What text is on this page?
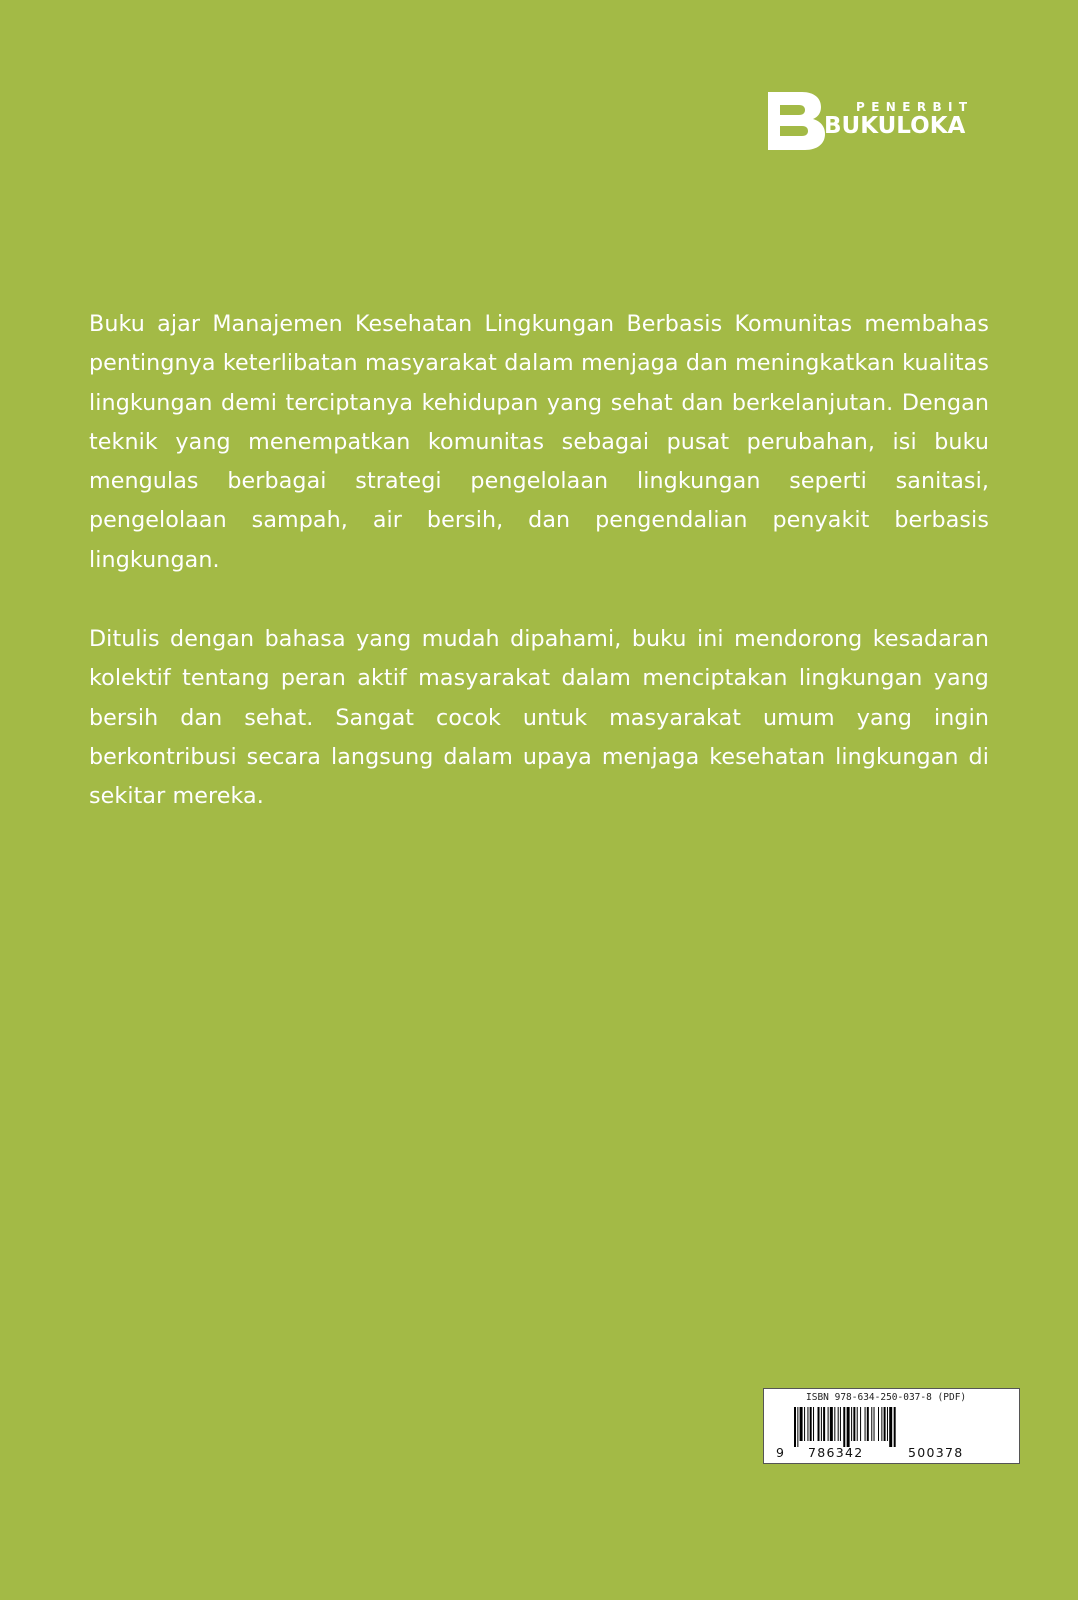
PENERBIT
BUKULOKA

Buku ajar Manajemen Kesehatan Lingkungan Berbasis Komunitas membahas pentingnya keterlibatan masyarakat dalam menjaga dan meningkatkan kualitas lingkungan demi terciptanya kehidupan yang sehat dan berkelanjutan. Dengan teknik yang menempatkan komunitas sebagai pusat perubahan, isi buku mengulas berbagai strategi pengelolaan lingkungan seperti sanitasi, pengelolaan sampah, air bersih, dan pengendalian penyakit berbasis lingkungan.

Ditulis dengan bahasa yang mudah dipahami, buku ini mendorong kesadaran kolektif tentang peran aktif masyarakat dalam menciptakan lingkungan yang bersih dan sehat. Sangat cocok untuk masyarakat umum yang ingin berkontribusi secara langsung dalam upaya menjaga kesehatan lingkungan di sekitar mereka.

ISBN 978-634-250-037-8 (PDF)
9 786342	500378
